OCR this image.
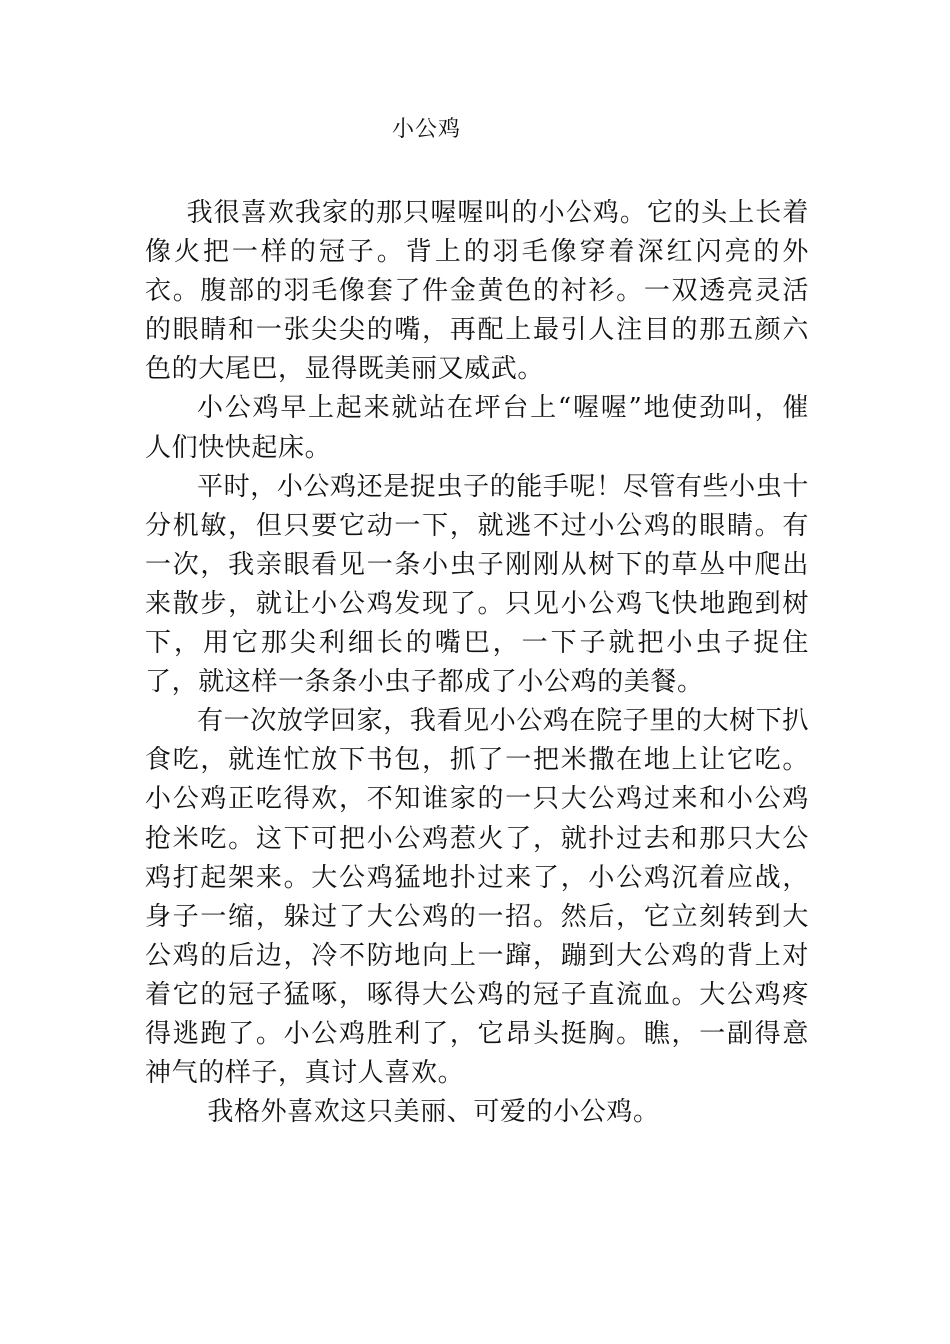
小公鸡

我很喜欢我家的那只喔喔叫的小公鸡。它的头上长着像火把一样的冠子。背上的羽毛像穿着深红闪亮的外衣。腹部的羽毛像套了件金黄色的衬衫。一双透亮灵活的眼睛和一张尖尖的嘴，再配上最引人注目的那五颜六色的大尾巴，显得既美丽又威武。

小公鸡早上起来就站在坪台上“喔喔”地使劲叫，催人们快快起床。

平时，小公鸡还是捉虫子的能手呢！尽管有些小虫十分机敏，但只要它动一下，就逃不过小公鸡的眼睛。有一次，我亲眼看见一条小虫子刚刚从树下的草丛中爬出来散步，就让小公鸡发现了。只见小公鸡飞快地跑到树下，用它那尖利细长的嘴巴，一下子就把小虫子捉住了，就这样一条条小虫子都成了小公鸡的美餐。

有一次放学回家，我看见小公鸡在院子里的大树下扒食吃，就连忙放下书包，抓了一把米撒在地上让它吃。小公鸡正吃得欢，不知谁家的一只大公鸡过来和小公鸡抢米吃。这下可把小公鸡惹火了，就扑过去和那只大公鸡打起架来。大公鸡猛地扑过来了，小公鸡沉着应战，身子一缩，躲过了大公鸡的一招。然后，它立刻转到大公鸡的后边，冷不防地向上一蹿，蹦到大公鸡的背上对着它的冠子猛啄，啄得大公鸡的冠子直流血。大公鸡疼得逃跑了。小公鸡胜利了，它昂头挺胸。瞧，一副得意神气的样子，真讨人喜欢。

我格外喜欢这只美丽、可爱的小公鸡。
